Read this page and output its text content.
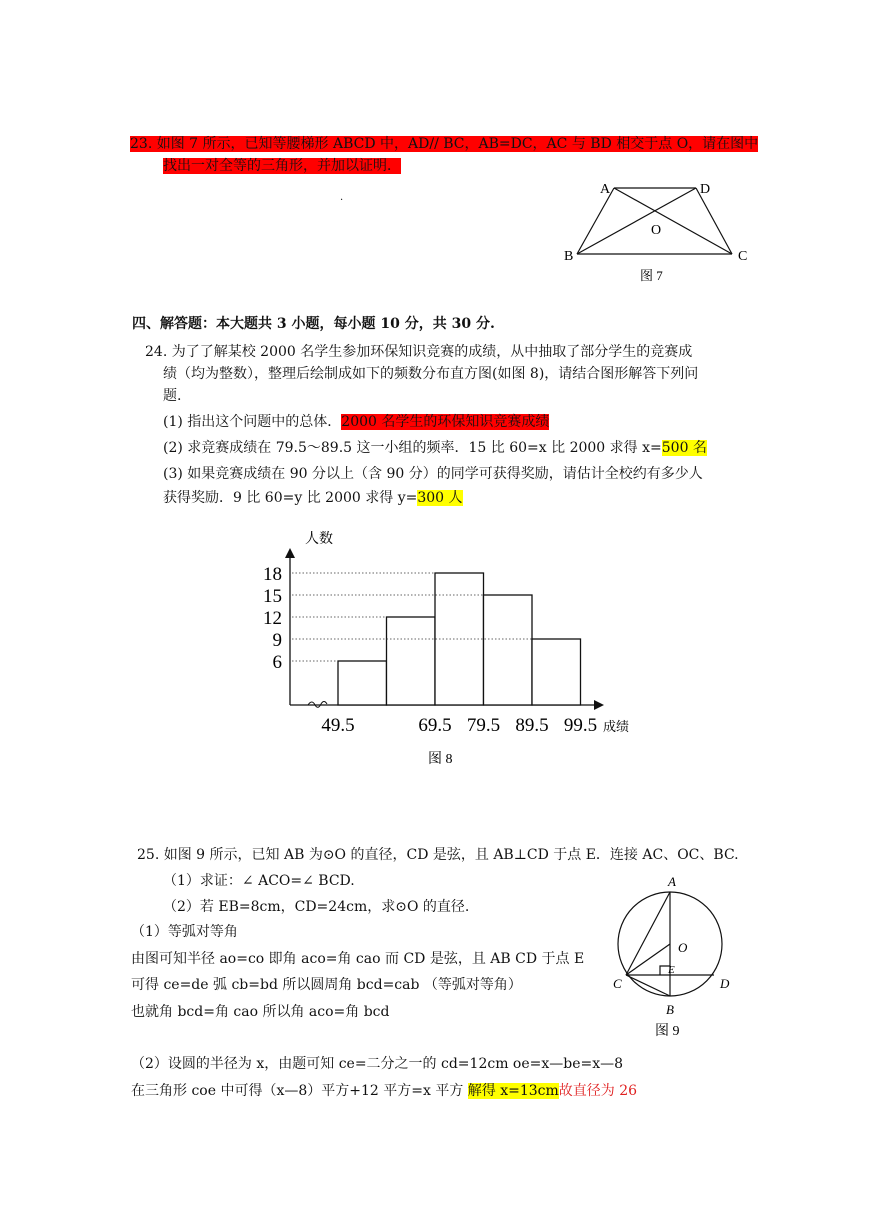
23. 如图 7 所示，已知等腰梯形 ABCD 中，AD// BC，AB=DC，AC 与 BD 相交于点 O，请在图中
找出一对全等的三角形，并加以证明．
.
A	D
O
B	C
图 7
四、解答题：本大题共 3 小题，每小题 10 分，共 30 分.
24. 为了了解某校 2000 名学生参加环保知识竞赛的成绩，从中抽取了部分学生的竞赛成
绩（均为整数），整理后绘制成如下的频数分布直方图(如图 8)，请结合图形解答下列问
题.
(1) 指出这个问题中的总体．2000 名学生的环保知识竞赛成绩
(2) 求竞赛成绩在 79.5～89.5 这一小组的频率．15 比 60=x 比 2000 求得 x=500 名
(3) 如果竞赛成绩在 90 分以上（含 90 分）的同学可获得奖励，请估计全校约有多少人
获得奖励．9 比 60=y 比 2000 求得 y=300 人
6
9
12
15
18
49.5	69.5 79.5 89.5 99.5
人数
成绩
图 8
25. 如图 9 所示，已知 AB 为⊙O 的直径，CD 是弦，且 AB⊥CD 于点 E．连接 AC、OC、BC.
（1）求证：∠ ACO=∠ BCD.
（2）若 EB=8cm，CD=24cm，求⊙O 的直径.
（1）等弧对等角
由图可知半径 ao=co 即角 aco=角 cao 而 CD 是弦，且 AB CD 于点 E
可得 ce=de 弧 cb=bd 所以圆周角 bcd=cab （等弧对等角）
也就角 bcd=角 cao 所以角 aco=角 bcd
（2）设圆的半径为 x，由题可知 ce=二分之一的 cd=12cm oe=x—be=x—8
在三角形 coe 中可得（x—8）平方+12 平方=x 平方 解得 x=13cm故直径为 26
A
O
E
C	D
B
图 9
